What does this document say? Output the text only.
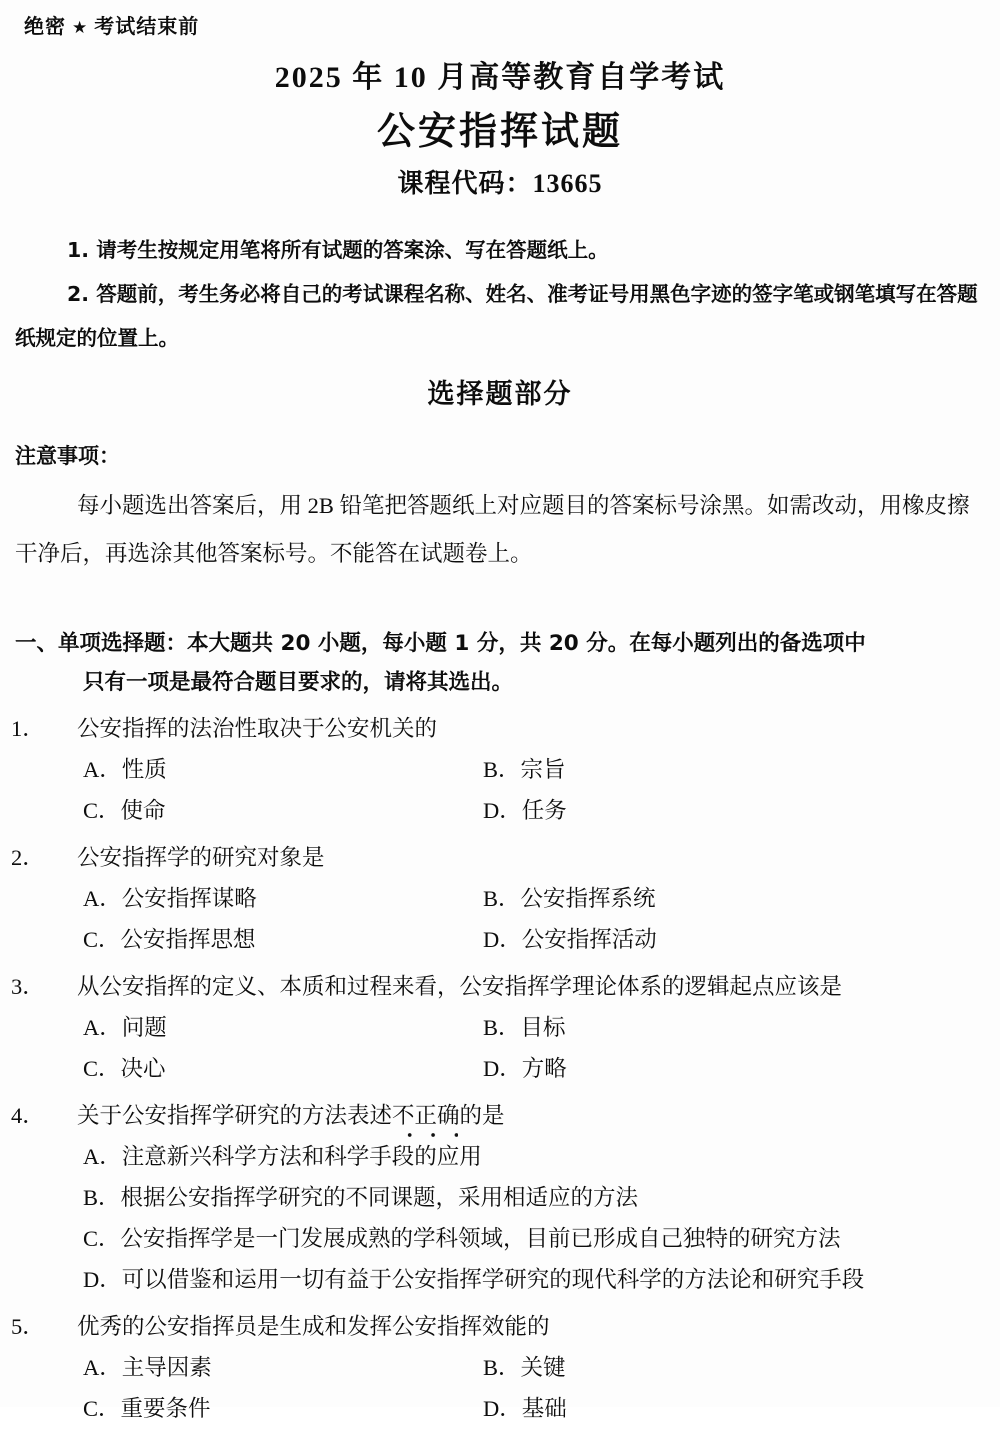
绝密 ★ 考试结束前
2025 年 10 月高等教育自学考试
公安指挥试题
课程代码：13665

1. 请考生按规定用笔将所有试题的答案涂、写在答题纸上。

2. 答题前，考生务必将自己的考试课程名称、姓名、准考证号用黑色字迹的签字笔或钢笔填写在答题纸规定的位置上。

选择题部分
注意事项：
每小题选出答案后，用 2B 铅笔把答题纸上对应题目的答案标号涂黑。如需改动，用橡皮擦干净后，再选涂其他答案标号。不能答在试题卷上。
一、单项选择题：本大题共 20 小题，每小题 1 分，共 20 分。在每小题列出的备选项中
只有一项是最符合题目要求的，请将其选出。
1． 公安指挥的法治性取决于公安机关的
A．性质	B．宗旨
C．使命	D．任务
2． 公安指挥学的研究对象是
A．公安指挥谋略	B．公安指挥系统
C．公安指挥思想	D．公安指挥活动
3． 从公安指挥的定义、本质和过程来看，公安指挥学理论体系的逻辑起点应该是
A．问题	B．目标
C．决心	D．方略
4． 关于公安指挥学研究的方法表述不正确的是
A．注意新兴科学方法和科学手段的应用
B．根据公安指挥学研究的不同课题，采用相适应的方法
C．公安指挥学是一门发展成熟的学科领域，目前已形成自己独特的研究方法
D．可以借鉴和运用一切有益于公安指挥学研究的现代科学的方法论和研究手段
5． 优秀的公安指挥员是生成和发挥公安指挥效能的
A．主导因素	B．关键
C．重要条件	D．基础
